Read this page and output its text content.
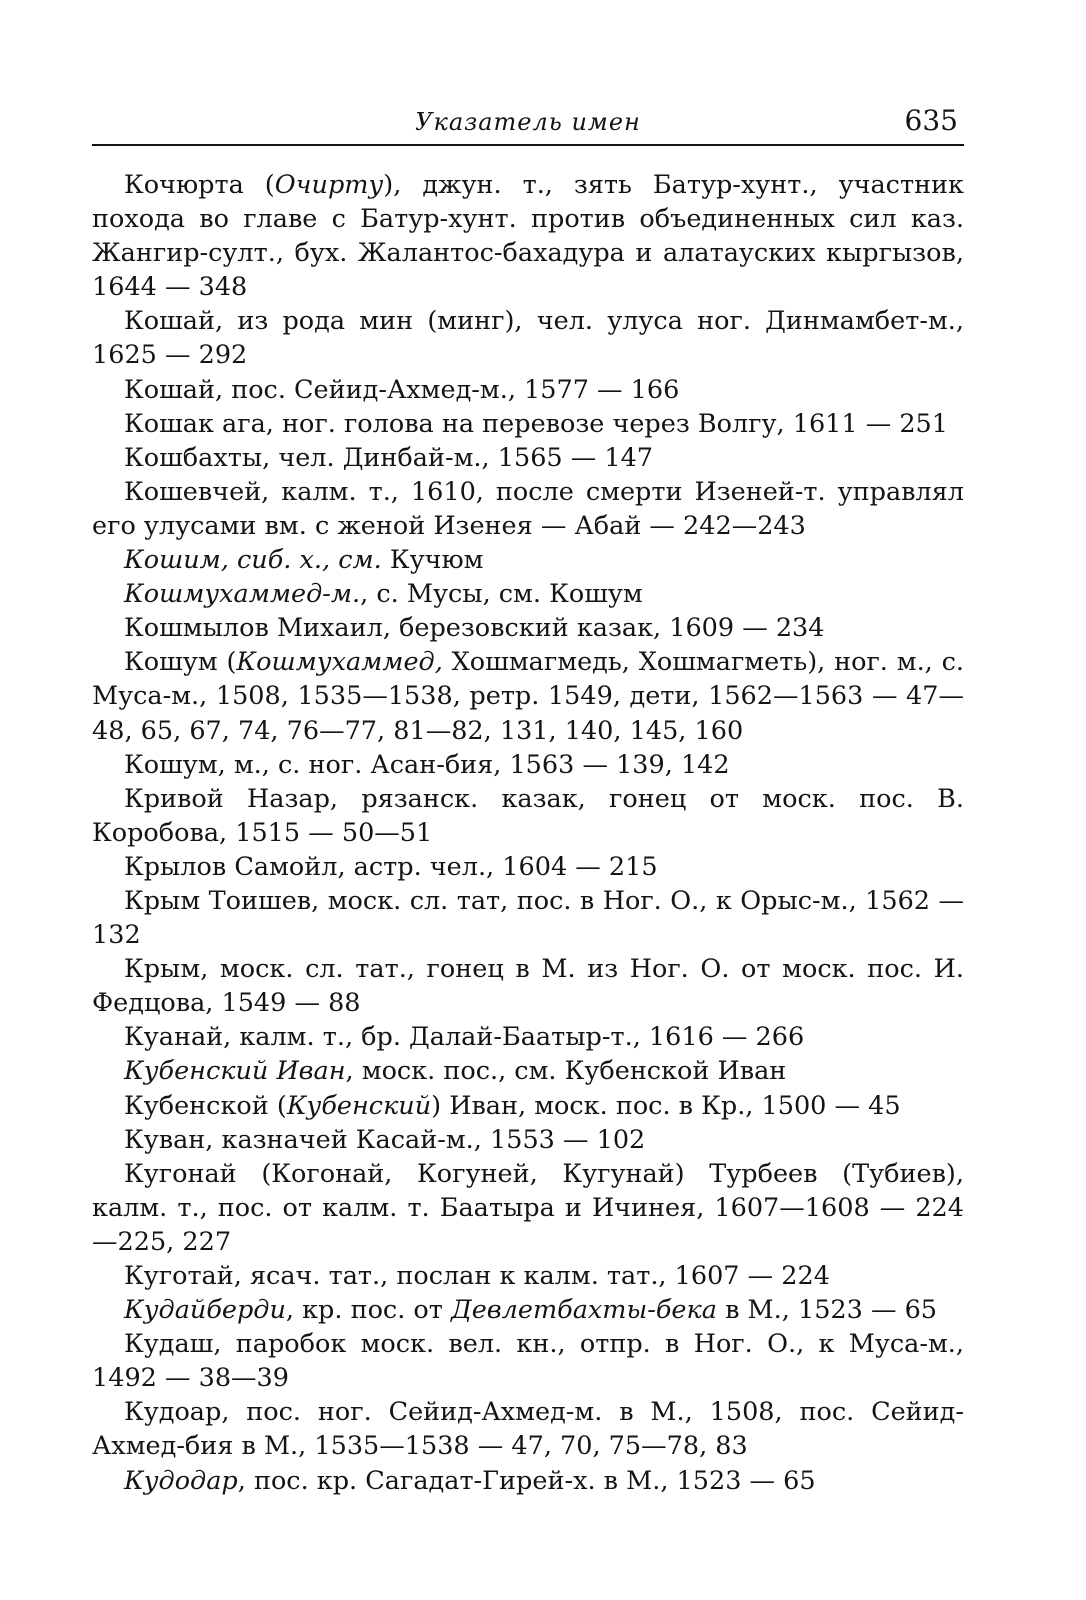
Указатель имен	635

Кочюрта (Очирту), джун. т., зять Батур-хунт., участник похода во главе с Батур-хунт. против объединенных сил каз. Жангир-султ., бух. Жалантос-бахадура и алатауских кыргызов, 1644 — 348

Кошай, из рода мин (минг), чел. улуса ног. Динмамбет-м., 1625 — 292

Кошай, пос. Сейид-Ахмед-м., 1577 — 166

Кошак ага, ног. голова на перевозе через Волгу, 1611 — 251

Кошбахты, чел. Динбай-м., 1565 — 147

Кошевчей, калм. т., 1610, после смерти Изеней-т. управлял его улусами вм. с женой Изенея — Абай — 242—243

Кошим, сиб. х., см. Кучюм

Кошмухаммед-м., с. Мусы, см. Кошум

Кошмылов Михаил, березовский казак, 1609 — 234

Кошум (Кошмухаммед, Хошмагмедь, Хошмагметь), ног. м., с. Муса-м., 1508, 1535—1538, ретр. 1549, дети, 1562—1563 — 47—48, 65, 67, 74, 76—77, 81—82, 131, 140, 145, 160

Кошум, м., с. ног. Асан-бия, 1563 — 139, 142

Кривой Назар, рязанск. казак, гонец от моск. пос. В. Коробова, 1515 — 50—51

Крылов Самойл, астр. чел., 1604 — 215

Крым Тоишев, моск. сл. тат, пос. в Ног. О., к Орыс-м., 1562 — 132

Крым, моск. сл. тат., гонец в М. из Ног. О. от моск. пос. И. Федцова, 1549 — 88

Куанай, калм. т., бр. Далай-Баатыр-т., 1616 — 266

Кубенский Иван, моск. пос., см. Кубенской Иван

Кубенской (Кубенский) Иван, моск. пос. в Кр., 1500 — 45

Куван, казначей Касай-м., 1553 — 102

Кугонай (Когонай, Когуней, Кугунай) Турбеев (Тубиев), калм. т., пос. от калм. т. Баатыра и Ичинея, 1607—1608 — 224—225, 227

Куготай, ясач. тат., послан к калм. тат., 1607 — 224

Кудайберди, кр. пос. от Девлетбахты-бека в М., 1523 — 65

Кудаш, паробок моск. вел. кн., отпр. в Ног. О., к Муса-м., 1492 — 38—39

Кудоар, пос. ног. Сейид-Ахмед-м. в М., 1508, пос. Сейид-Ахмед-бия в М., 1535—1538 — 47, 70, 75—78, 83

Кудодар, пос. кр. Сагадат-Гирей-х. в М., 1523 — 65
